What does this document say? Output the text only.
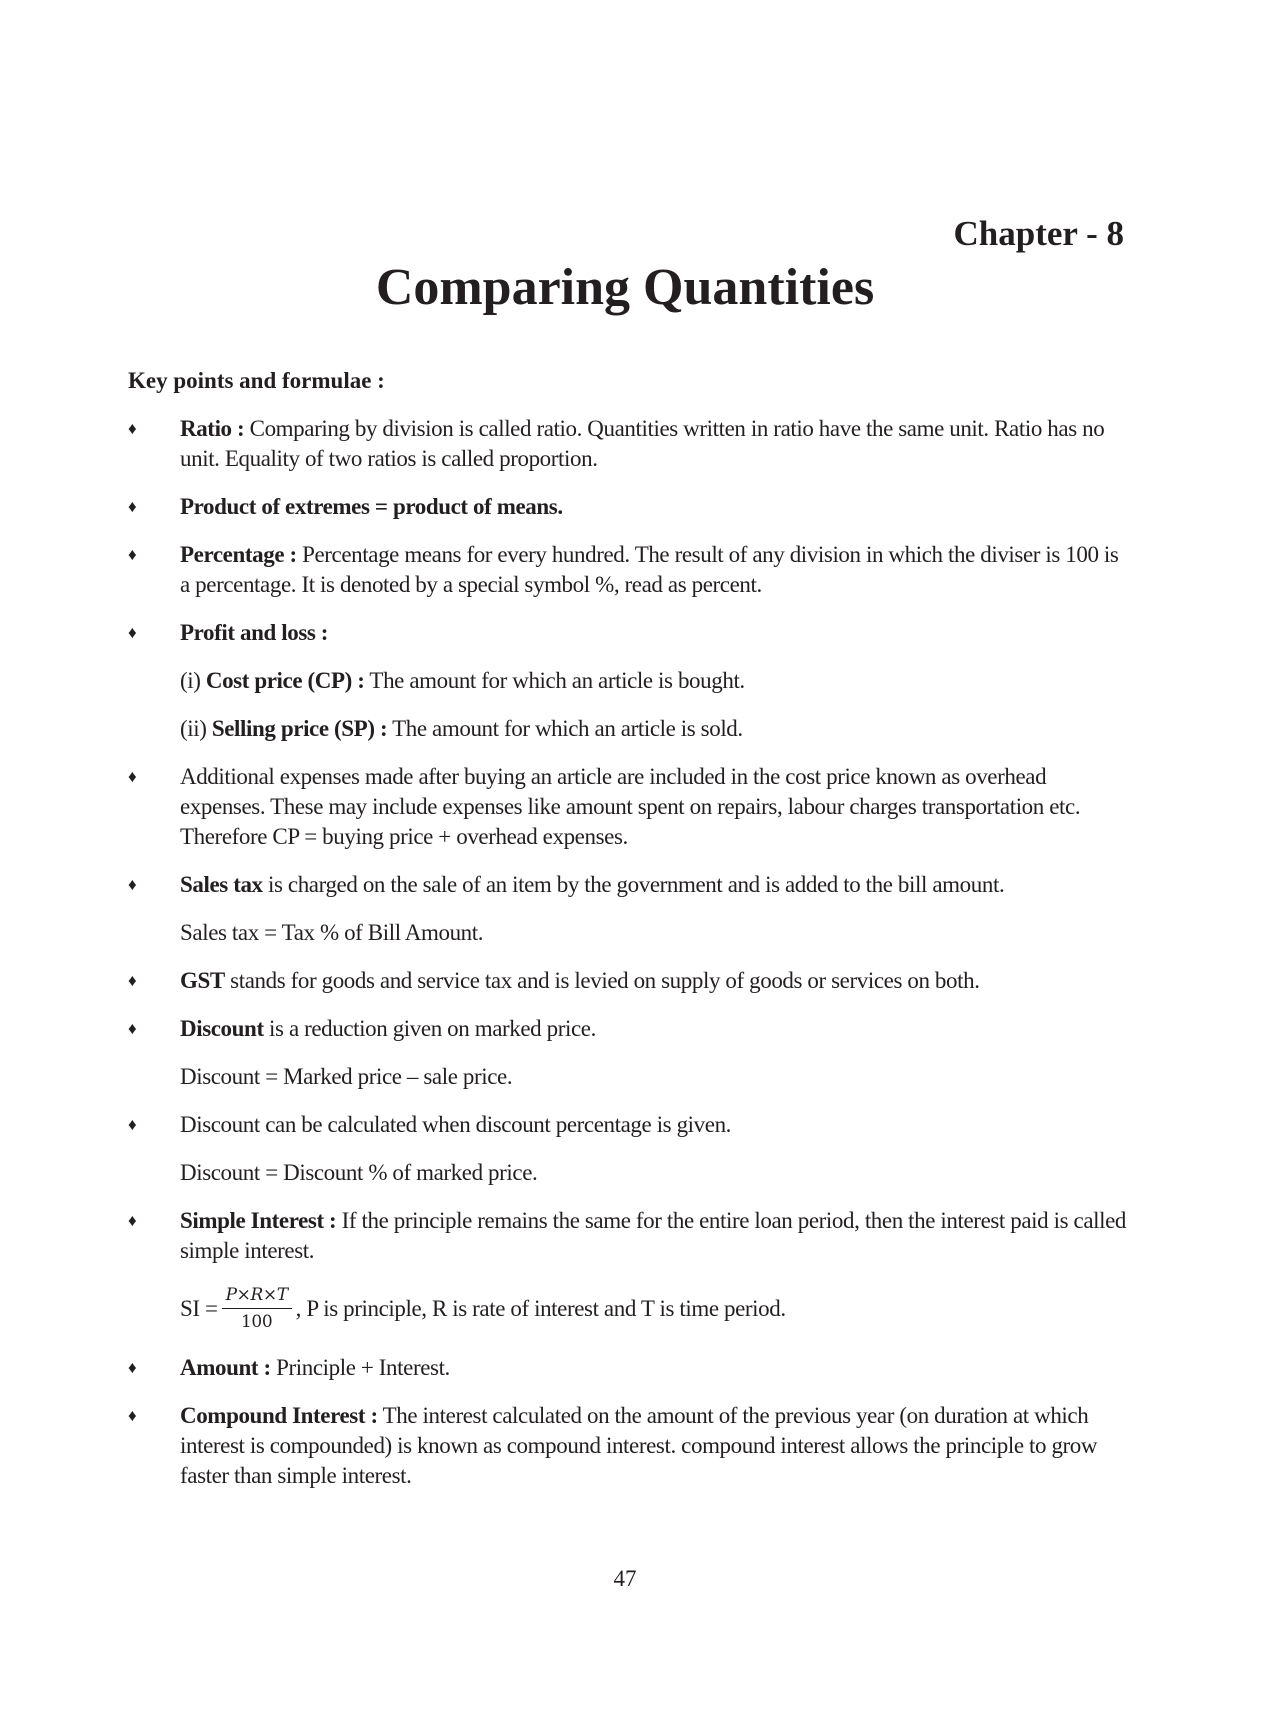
Chapter - 8
Comparing Quantities

Key points and formulae :

♦ Ratio : Comparing by division is called ratio. Quantities written in ratio have the same unit. Ratio has no unit. Equality of two ratios is called proportion.
♦ Product of extremes = product of means.
♦ Percentage : Percentage means for every hundred. The result of any division in which the diviser is 100 is a percentage. It is denoted by a special symbol %, read as percent.
♦ Profit and loss :
(i) Cost price (CP) : The amount for which an article is bought.
(ii) Selling price (SP) : The amount for which an article is sold.
♦ Additional expenses made after buying an article are included in the cost price known as overhead expenses. These may include expenses like amount spent on repairs, labour charges transportation etc. Therefore CP = buying price + overhead expenses.
♦ Sales tax is charged on the sale of an item by the government and is added to the bill amount.
Sales tax = Tax % of Bill Amount.
♦ GST stands for goods and service tax and is levied on supply of goods or services on both.
♦ Discount is a reduction given on marked price.
Discount = Marked price – sale price.
♦ Discount can be calculated when discount percentage is given.
Discount = Discount % of marked price.
♦ Simple Interest : If the principle remains the same for the entire loan period, then the interest paid is called simple interest.
SI = $\frac{P\times R\times T}{100}$ , P is principle, R is rate of interest and T is time period.
♦ Amount : Principle + Interest.
♦ Compound Interest : The interest calculated on the amount of the previous year (on duration at which interest is compounded) is known as compound interest. compound interest allows the principle to grow faster than simple interest.

47
